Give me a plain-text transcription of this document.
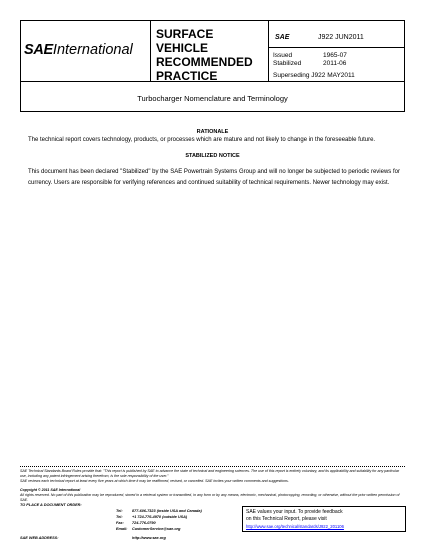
SAEInternational
SURFACE
VEHICLE
RECOMMENDED
PRACTICE
SAE	J922 JUN2011
Issued	1965-07
Stabilized	2011-06
Superseding J922 MAY2011
Turbocharger Nomenclature and Terminology
RATIONALE
The technical report covers technology, products, or processes which are mature and not likely to change in the foreseeable future.
STABILIZED NOTICE
This document has been declared "Stabilized" by the SAE Powertrain Systems Group and will no longer be subjected to periodic reviews for currency. Users are responsible for verifying references and continued suitability of technical requirements. Newer technology may exist.
SAE Technical Standards Board Rules provide that: "This report is published by SAE to advance the state of technical and engineering sciences. The use of this report is entirely voluntary, and its applicability and suitability for any particular use, including any patent infringement arising therefrom, is the sole responsibility of the user."
SAE reviews each technical report at least every five years at which time it may be reaffirmed, revised, or cancelled. SAE invites your written comments and suggestions.
Copyright © 2011 SAE International
All rights reserved. No part of this publication may be reproduced, stored in a retrieval system or transmitted, in any form or by any means, electronic, mechanical, photocopying, recording, or otherwise, without the prior written permission of SAE.
TO PLACE A DOCUMENT ORDER:
Tel: 877-606-7323 (inside USA and Canada)
Tel: +1 724-776-4970 (outside USA)
Fax: 724-776-0790
Email: CustomerService@sae.org
SAE WEB ADDRESS:	http://www.sae.org
SAE values your input. To provide feedback
on this Technical Report, please visit
http://www.sae.org/technical/standards/J922_201106
